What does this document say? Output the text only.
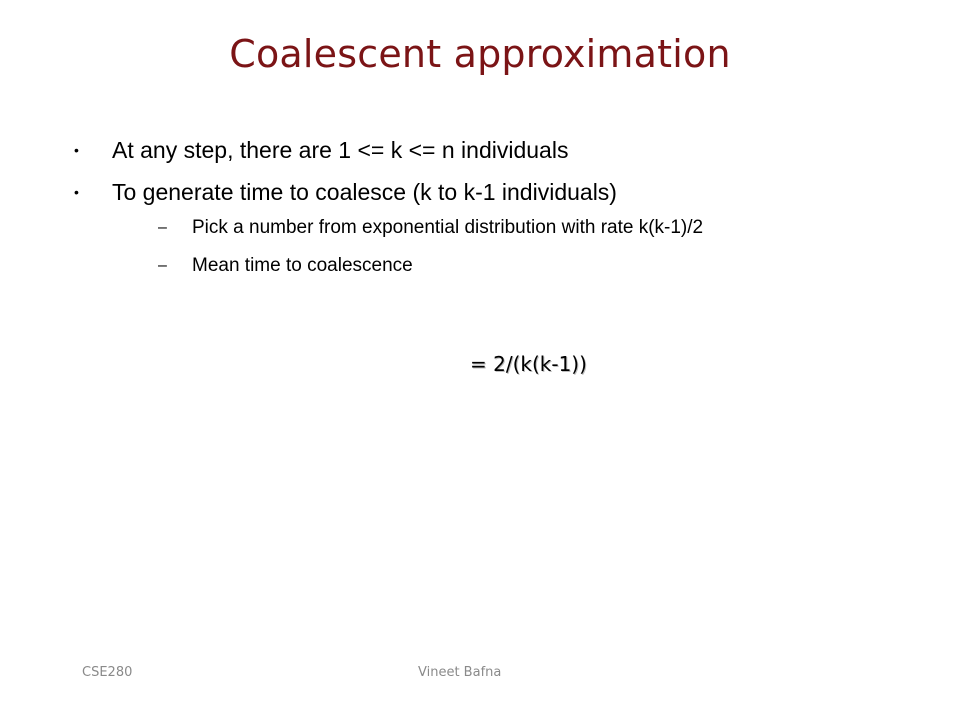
Coalescent approximation
• At any step, there are 1 <= k <= n individuals
• To generate time to coalesce (k to k-1 individuals)
– Pick a number from exponential distribution with rate k(k-1)/2
– Mean time to coalescence
= 2/(k(k-1))
CSE280	Vineet Bafna
